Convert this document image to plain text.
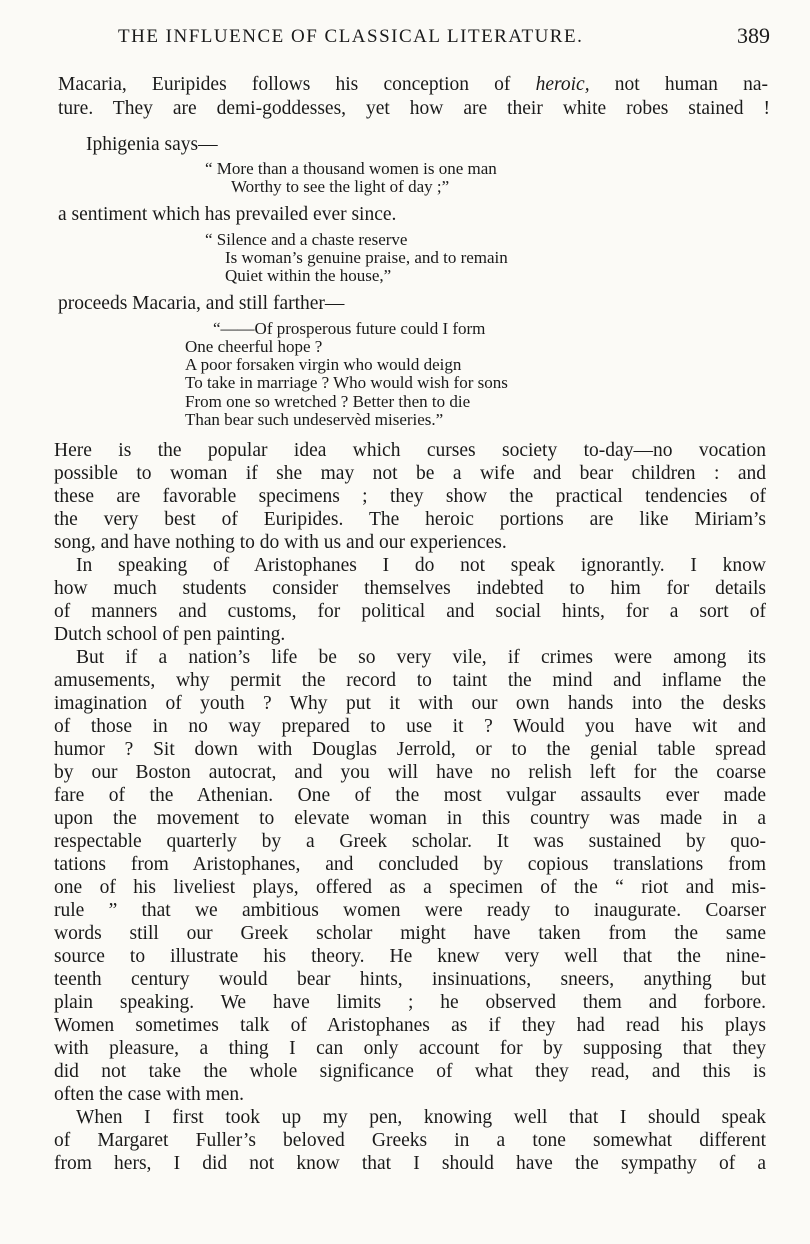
THE INFLUENCE OF CLASSICAL LITERATURE.	389
Macaria, Euripides follows his conception of heroic, not human na-
ture. They are demi-goddesses, yet how are their white robes stained !
Iphigenia says—
“ More than a thousand women is one man
Worthy to see the light of day ;”
a sentiment which has prevailed ever since.
“ Silence and a chaste reserve
Is woman’s genuine praise, and to remain
Quiet within the house,”
proceeds Macaria, and still farther—
“——Of prosperous future could I form
One cheerful hope ?
A poor forsaken virgin who would deign
To take in marriage ? Who would wish for sons
From one so wretched ? Better then to die
Than bear such undeservèd miseries.”
Here is the popular idea which curses society to-day—no vocation
possible to woman if she may not be a wife and bear children : and
these are favorable specimens ; they show the practical tendencies of
the very best of Euripides. The heroic portions are like Miriam’s
song, and have nothing to do with us and our experiences.
In speaking of Aristophanes I do not speak ignorantly. I know
how much students consider themselves indebted to him for details
of manners and customs, for political and social hints, for a sort of
Dutch school of pen painting.
But if a nation’s life be so very vile, if crimes were among its
amusements, why permit the record to taint the mind and inflame the
imagination of youth ? Why put it with our own hands into the desks
of those in no way prepared to use it ? Would you have wit and
humor ? Sit down with Douglas Jerrold, or to the genial table spread
by our Boston autocrat, and you will have no relish left for the coarse
fare of the Athenian. One of the most vulgar assaults ever made
upon the movement to elevate woman in this country was made in a
respectable quarterly by a Greek scholar. It was sustained by quo-
tations from Aristophanes, and concluded by copious translations from
one of his liveliest plays, offered as a specimen of the “ riot and mis-
rule ” that we ambitious women were ready to inaugurate. Coarser
words still our Greek scholar might have taken from the same
source to illustrate his theory. He knew very well that the nine-
teenth century would bear hints, insinuations, sneers, anything but
plain speaking. We have limits ; he observed them and forbore.
Women sometimes talk of Aristophanes as if they had read his plays
with pleasure, a thing I can only account for by supposing that they
did not take the whole significance of what they read, and this is
often the case with men.
When I first took up my pen, knowing well that I should speak
of Margaret Fuller’s beloved Greeks in a tone somewhat different
from hers, I did not know that I should have the sympathy of a
